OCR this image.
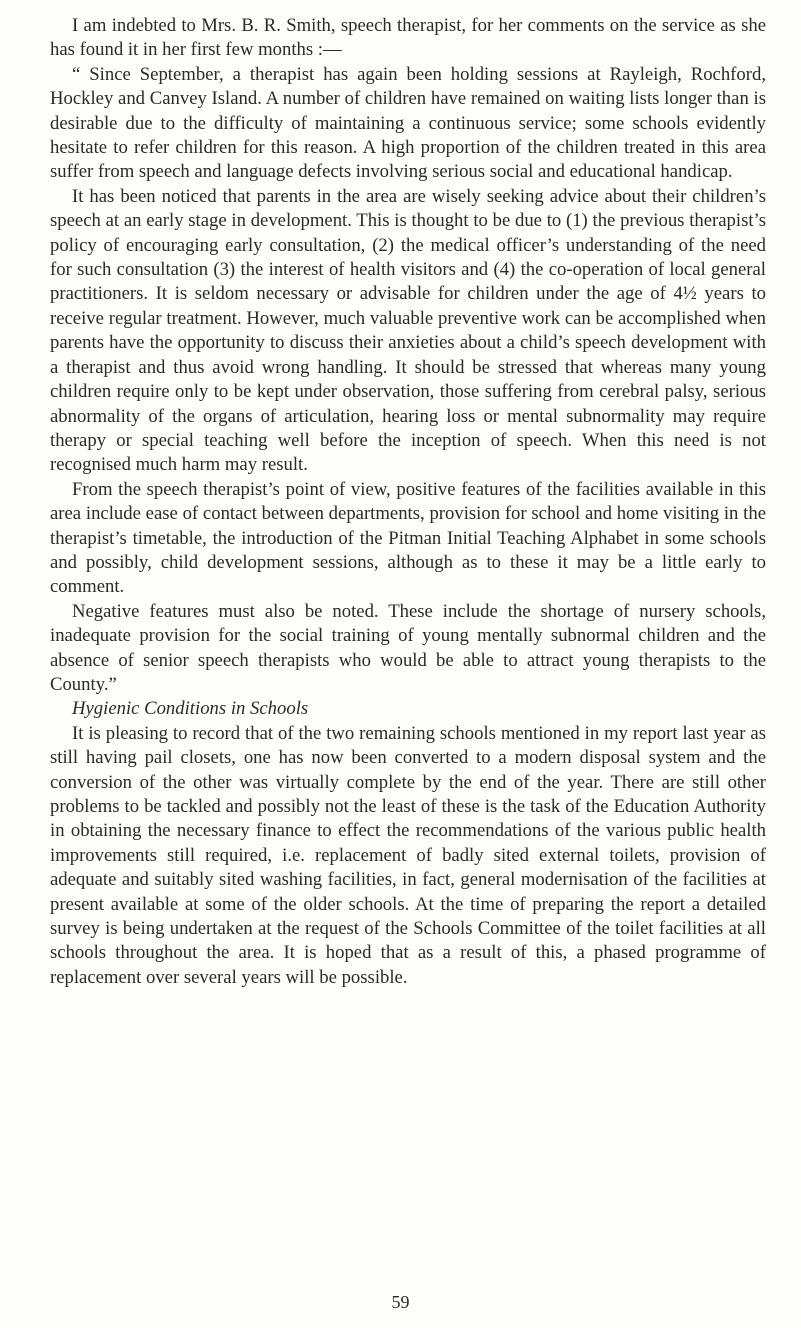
I am indebted to Mrs. B. R. Smith, speech therapist, for her comments on the service as she has found it in her first few months :—

“ Since September, a therapist has again been holding sessions at Rayleigh, Rochford, Hockley and Canvey Island. A number of children have remained on waiting lists longer than is desirable due to the difficulty of maintaining a continuous service; some schools evidently hesitate to refer children for this reason. A high proportion of the children treated in this area suffer from speech and language defects involving serious social and educational handicap.

It has been noticed that parents in the area are wisely seeking advice about their children’s speech at an early stage in development. This is thought to be due to (1) the previous therapist’s policy of encouraging early consultation, (2) the medical officer’s understanding of the need for such consultation (3) the interest of health visitors and (4) the co-operation of local general practitioners. It is seldom necessary or advisable for children under the age of 4½ years to receive regular treatment. However, much valuable preventive work can be accomplished when parents have the opportunity to discuss their anxieties about a child’s speech development with a therapist and thus avoid wrong handling. It should be stressed that whereas many young children require only to be kept under observation, those suffering from cerebral palsy, serious abnormality of the organs of articulation, hearing loss or mental subnormality may require therapy or special teaching well before the inception of speech. When this need is not recognised much harm may result.

From the speech therapist’s point of view, positive features of the facilities available in this area include ease of contact between departments, provision for school and home visiting in the therapist’s timetable, the introduction of the Pitman Initial Teaching Alphabet in some schools and possibly, child development sessions, although as to these it may be a little early to comment.

Negative features must also be noted. These include the shortage of nursery schools, inadequate provision for the social training of young mentally subnormal children and the absence of senior speech therapists who would be able to attract young therapists to the County.”

Hygienic Conditions in Schools

It is pleasing to record that of the two remaining schools mentioned in my report last year as still having pail closets, one has now been converted to a modern disposal system and the conversion of the other was virtually complete by the end of the year. There are still other problems to be tackled and possibly not the least of these is the task of the Education Authority in obtaining the necessary finance to effect the recommendations of the various public health improvements still required, i.e. replacement of badly sited external toilets, provision of adequate and suitably sited washing facilities, in fact, general modernisation of the facilities at present available at some of the older schools. At the time of preparing the report a detailed survey is being undertaken at the request of the Schools Committee of the toilet facilities at all schools throughout the area. It is hoped that as a result of this, a phased programme of replacement over several years will be possible.

59
